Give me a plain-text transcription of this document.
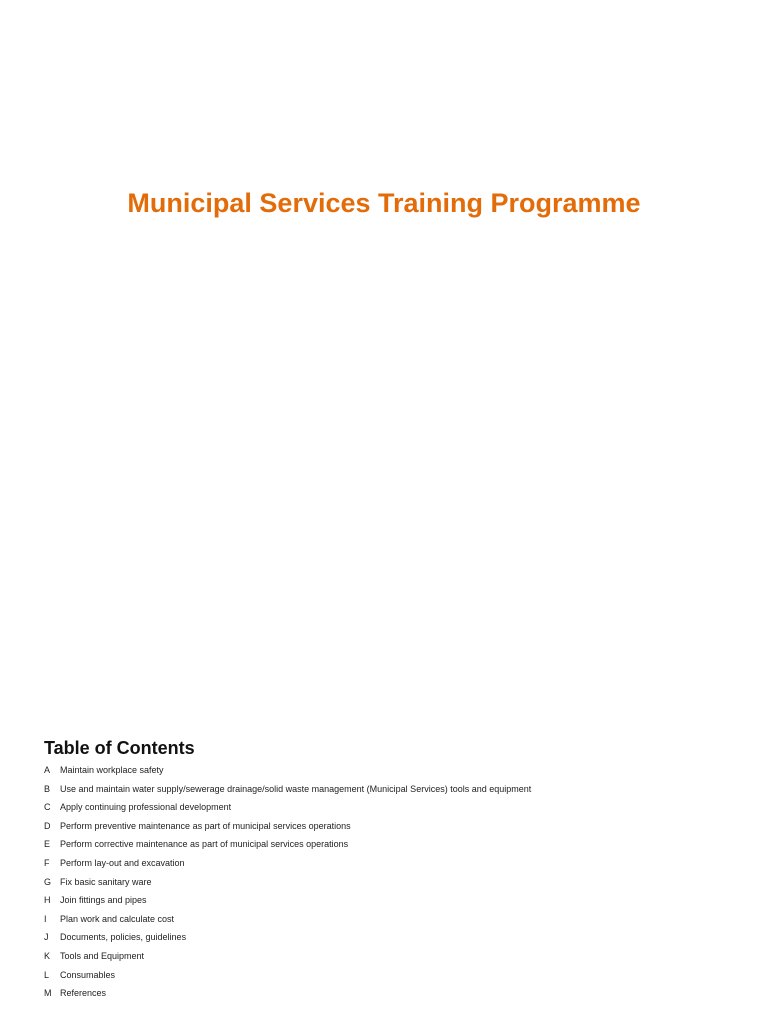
Municipal Services Training Programme
Table of Contents
A	Maintain workplace safety
B	Use and maintain water supply/sewerage drainage/solid waste management (Municipal Services) tools and equipment
C	Apply continuing professional development
D	Perform preventive maintenance as part of municipal services operations
E	Perform corrective maintenance as part of municipal services operations
F	Perform lay-out and excavation
G Fix basic sanitary ware
H	Join fittings and pipes
I	Plan work and calculate cost
J	Documents, policies, guidelines
K	Tools and Equipment
L	Consumables
M References
